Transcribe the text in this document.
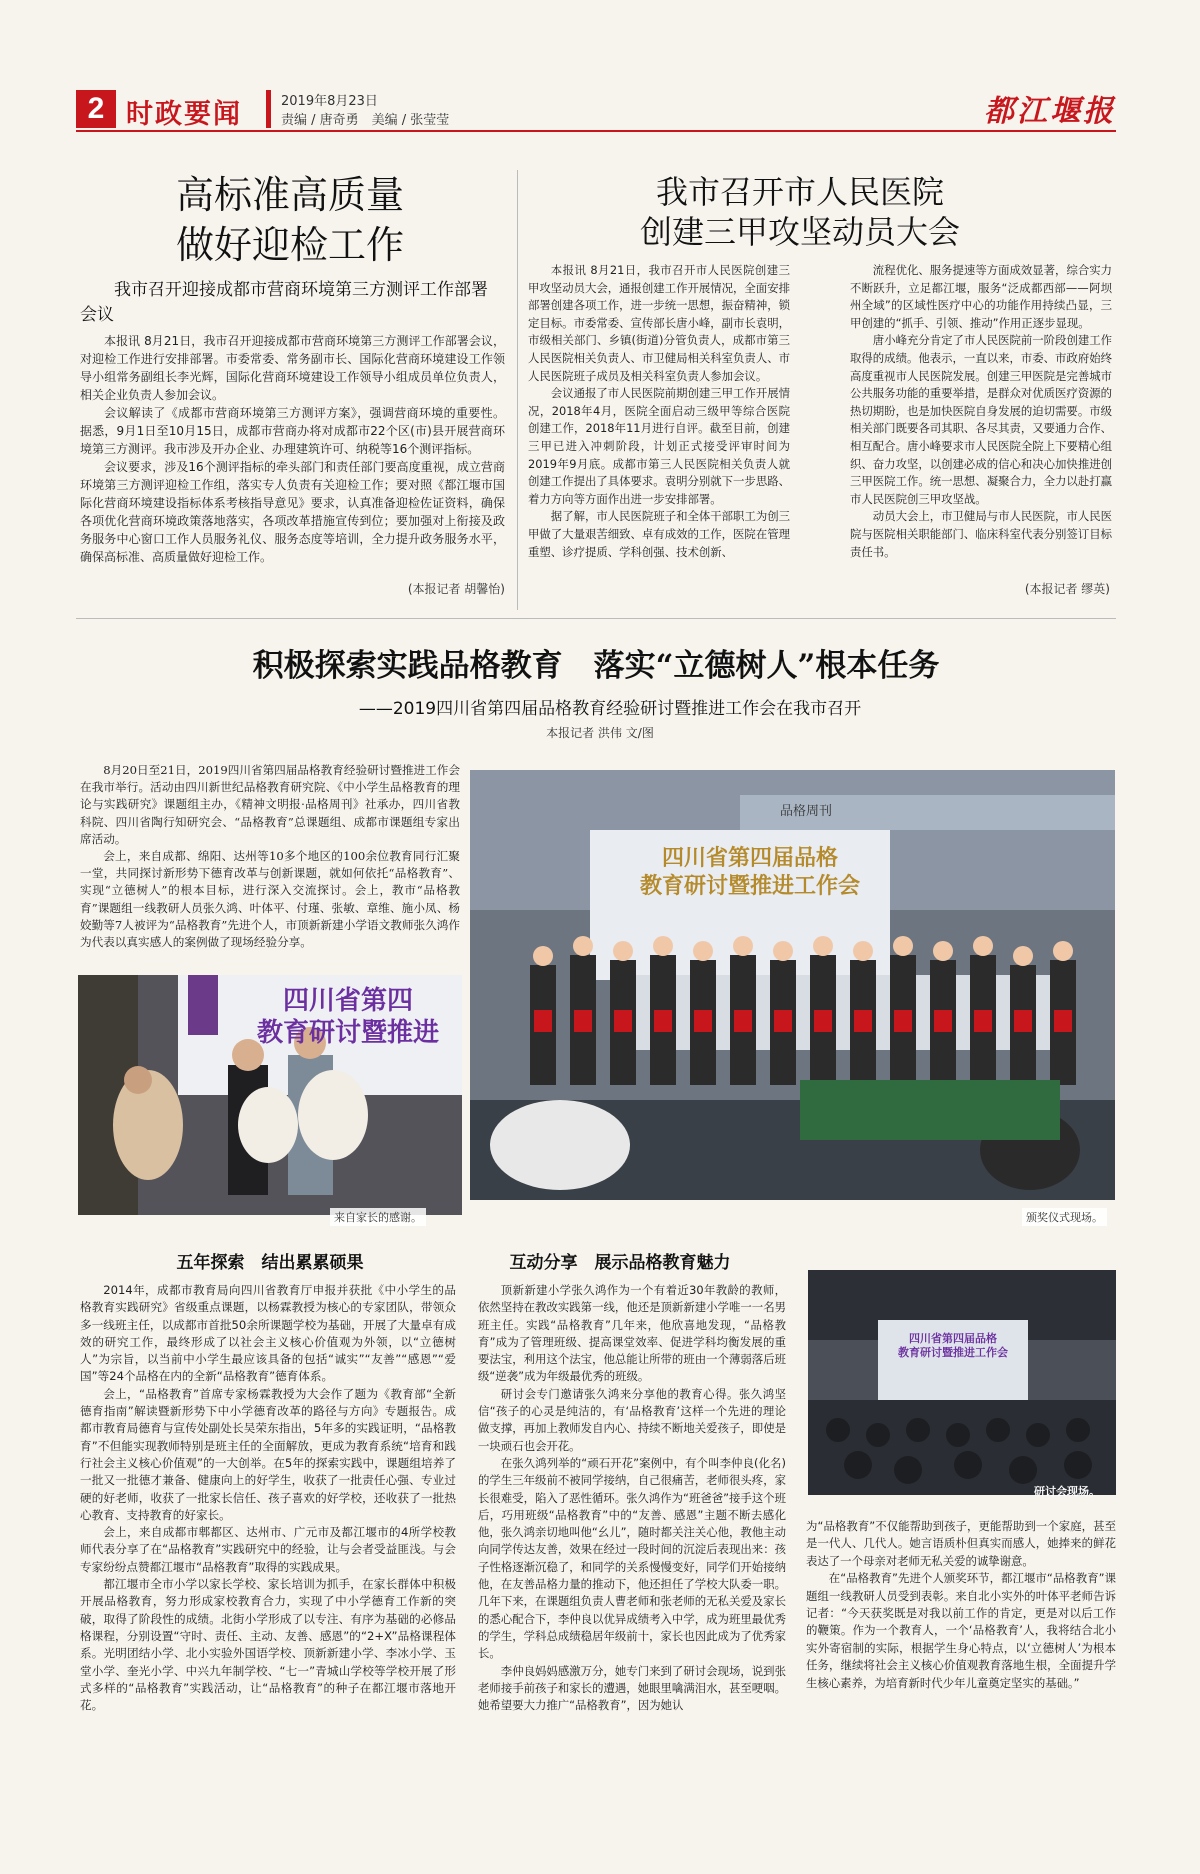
2 时政要闻	2019年8月23日
责编 / 唐奇勇　美编 / 张莹莹	都江堰报
高标准高质量
做好迎检工作
我市召开迎接成都市营商环境第三方测评工作部署会议

本报讯 8月21日，我市召开迎接成都市营商环境第三方测评工作部署会议，对迎检工作进行安排部署。市委常委、常务副市长、国际化营商环境建设工作领导小组常务副组长李光辉，国际化营商环境建设工作领导小组成员单位负责人，相关企业负责人参加会议。

会议解读了《成都市营商环境第三方测评方案》，强调营商环境的重要性。据悉，9月1日至10月15日，成都市营商办将对成都市22个区(市)县开展营商环境第三方测评。我市涉及开办企业、办理建筑许可、纳税等16个测评指标。

会议要求，涉及16个测评指标的牵头部门和责任部门要高度重视，成立营商环境第三方测评迎检工作组，落实专人负责有关迎检工作；要对照《都江堰市国际化营商环境建设指标体系考核指导意见》要求，认真准备迎检佐证资料，确保各项优化营商环境政策落地落实，各项改革措施宣传到位；要加强对上衔接及政务服务中心窗口工作人员服务礼仪、服务态度等培训，全力提升政务服务水平，确保高标准、高质量做好迎检工作。

(本报记者 胡馨怡)
我市召开市人民医院
创建三甲攻坚动员大会

本报讯 8月21日，我市召开市人民医院创建三甲攻坚动员大会，通报创建工作开展情况，全面安排部署创建各项工作，进一步统一思想，振奋精神，锁定目标。市委常委、宣传部长唐小峰，副市长袁明，市级相关部门、乡镇(街道)分管负责人，成都市第三人民医院相关负责人、市卫健局相关科室负责人、市人民医院班子成员及相关科室负责人参加会议。

会议通报了市人民医院前期创建三甲工作开展情况，2018年4月，医院全面启动三级甲等综合医院创建工作，2018年11月进行自评。截至目前，创建三甲已进入冲刺阶段，计划正式接受评审时间为2019年9月底。成都市第三人民医院相关负责人就创建工作提出了具体要求。袁明分别就下一步思路、着力方向等方面作出进一步安排部署。

据了解，市人民医院班子和全体干部职工为创三甲做了大量艰苦细致、卓有成效的工作，医院在管理重塑、诊疗提质、学科创强、技术创新、

流程优化、服务提速等方面成效显著，综合实力不断跃升，立足都江堰，服务“泛成都西部——阿坝州全域”的区域性医疗中心的功能作用持续凸显，三甲创建的“抓手、引领、推动”作用正逐步显现。

唐小峰充分肯定了市人民医院前一阶段创建工作取得的成绩。他表示，一直以来，市委、市政府始终高度重视市人民医院发展。创建三甲医院是完善城市公共服务功能的重要举措，是群众对优质医疗资源的热切期盼，也是加快医院自身发展的迫切需要。市级相关部门既要各司其职、各尽其责，又要通力合作、相互配合。唐小峰要求市人民医院全院上下要精心组织、奋力攻坚，以创建必成的信心和决心加快推进创三甲医院工作。统一思想、凝聚合力，全力以赴打赢市人民医院创三甲攻坚战。

动员大会上，市卫健局与市人民医院，市人民医院与医院相关职能部门、临床科室代表分别签订目标责任书。

(本报记者 缪英)
积极探索实践品格教育　落实“立德树人”根本任务
——2019四川省第四届品格教育经验研讨暨推进工作会在我市召开
本报记者 洪伟 文/图

8月20日至21日，2019四川省第四届品格教育经验研讨暨推进工作会在我市举行。活动由四川新世纪品格教育研究院、《中小学生品格教育的理论与实践研究》课题组主办，《精神文明报·品格周刊》社承办，四川省教科院、四川省陶行知研究会、“品格教育”总课题组、成都市课题组专家出席活动。

会上，来自成都、绵阳、达州等10多个地区的100余位教育同行汇聚一堂，共同探讨新形势下德育改革与创新课题，就如何依托“品格教育”、实现“立德树人”的根本目标，进行深入交流探讨。会上，教市“品格教育”课题组一线教研人员张久鸿、叶体平、付瑾、张敏、章维、施小凤、杨姣勤等7人被评为“品格教育”先进个人，市顶新新建小学语文教师张久鸿作为代表以真实感人的案例做了现场经验分享。

四川省第四届品格
教育研讨暨推进工作会
品格周刊
颁奖仪式现场。
四川省第四
教育研讨暨推进
来自家长的感谢。
五年探索　结出累累硕果

2014年，成都市教育局向四川省教育厅申报并获批《中小学生的品格教育实践研究》省级重点课题，以杨霖教授为核心的专家团队，带领众多一线班主任，以成都市首批50余所课题学校为基础，开展了大量卓有成效的研究工作，最终形成了以社会主义核心价值观为外领，以“立德树人”为宗旨，以当前中小学生最应该具备的包括“诚实”“友善”“感恩”“爱国”等24个品格在内的全新“品格教育”德育体系。

会上，“品格教育”首席专家杨霖教授为大会作了题为《教育部“全新德育指南”解读暨新形势下中小学德育改革的路径与方向》专题报告。成都市教育局德育与宣传处副处长吴荣东指出，5年多的实践证明，“品格教育”不但能实现教师特别是班主任的全面解放，更成为教育系统“培育和践行社会主义核心价值观”的一大创举。在5年的探索实践中，课题组培养了一批又一批德才兼备、健康向上的好学生，收获了一批责任心强、专业过硬的好老师，收获了一批家长信任、孩子喜欢的好学校，还收获了一批热心教育、支持教育的好家长。

会上，来自成都市郫都区、达州市、广元市及都江堰市的4所学校教师代表分享了在“品格教育”实践研究中的经验，让与会者受益匪浅。与会专家纷纷点赞都江堰市“品格教育”取得的实践成果。

都江堰市全市小学以家长学校、家长培训为抓手，在家长群体中积极开展品格教育，努力形成家校教育合力，实现了中小学德育工作新的突破，取得了阶段性的成绩。北街小学形成了以专注、有序为基础的必修品格课程，分别设置“守时、责任、主动、友善、感恩”的“2+X”品格课程体系。光明团结小学、北小实验外国语学校、顶新新建小学、李冰小学、玉堂小学、奎光小学、中兴九年制学校、“七一”青城山学校等学校开展了形式多样的“品格教育”实践活动，让“品格教育”的种子在都江堰市落地开花。

互动分享　展示品格教育魅力

顶新新建小学张久鸿作为一个有着近30年教龄的教师，依然坚持在教改实践第一线，他还是顶新新建小学唯一一名男班主任。实践“品格教育”几年来，他欣喜地发现，“品格教育”成为了管理班级、提高课堂效率、促进学科均衡发展的重要法宝，利用这个法宝，他总能让所带的班由一个薄弱落后班级“逆袭”成为年级最优秀的班级。

研讨会专门邀请张久鸿来分享他的教育心得。张久鸿坚信“孩子的心灵是纯洁的，有‘品格教育’这样一个先进的理论做支撑，再加上教师发自内心、持续不断地关爱孩子，即使是一块顽石也会开花。

在张久鸿列举的“顽石开花”案例中，有个叫李仲良(化名)的学生三年级前不被同学接纳，自己很痛苦，老师很头疼，家长很难受，陷入了恶性循环。张久鸿作为“班爸爸”接手这个班后，巧用班级“品格教育”中的“友善、感恩”主题不断去感化他，张久鸿亲切地叫他“幺儿”，随时都关注关心他，教他主动向同学传达友善，效果在经过一段时间的沉淀后表现出来：孩子性格逐渐沉稳了，和同学的关系慢慢变好，同学们开始接纳他，在友善品格力量的推动下，他还担任了学校大队委一职。几年下来，在课题组负责人曹老师和张老师的无私关爱及家长的悉心配合下，李仲良以优异成绩考入中学，成为班里最优秀的学生，学科总成绩稳居年级前十，家长也因此成为了优秀家长。

李仲良妈妈感激万分，她专门来到了研讨会现场，说到张老师接手前孩子和家长的遭遇，她眼里噙满泪水，甚至哽咽。她希望要大力推广“品格教育”，因为她认

四川省第四届品格
教育研讨暨推进工作会
研讨会现场。

为“品格教育”不仅能帮助到孩子，更能帮助到一个家庭，甚至是一代人、几代人。她言语质朴但真实而感人，她捧来的鲜花表达了一个母亲对老师无私关爱的诚挚谢意。

在“品格教育”先进个人颁奖环节，都江堰市“品格教育”课题组一线教研人员受到表彰。来自北小实外的叶体平老师告诉记者：“今天获奖既是对我以前工作的肯定，更是对以后工作的鞭策。作为一个教育人，一个‘品格教育’人，我将结合北小实外寄宿制的实际，根据学生身心特点，以‘立德树人’为根本任务，继续将社会主义核心价值观教育落地生根，全面提升学生核心素养，为培育新时代少年儿童奠定坚实的基础。”
